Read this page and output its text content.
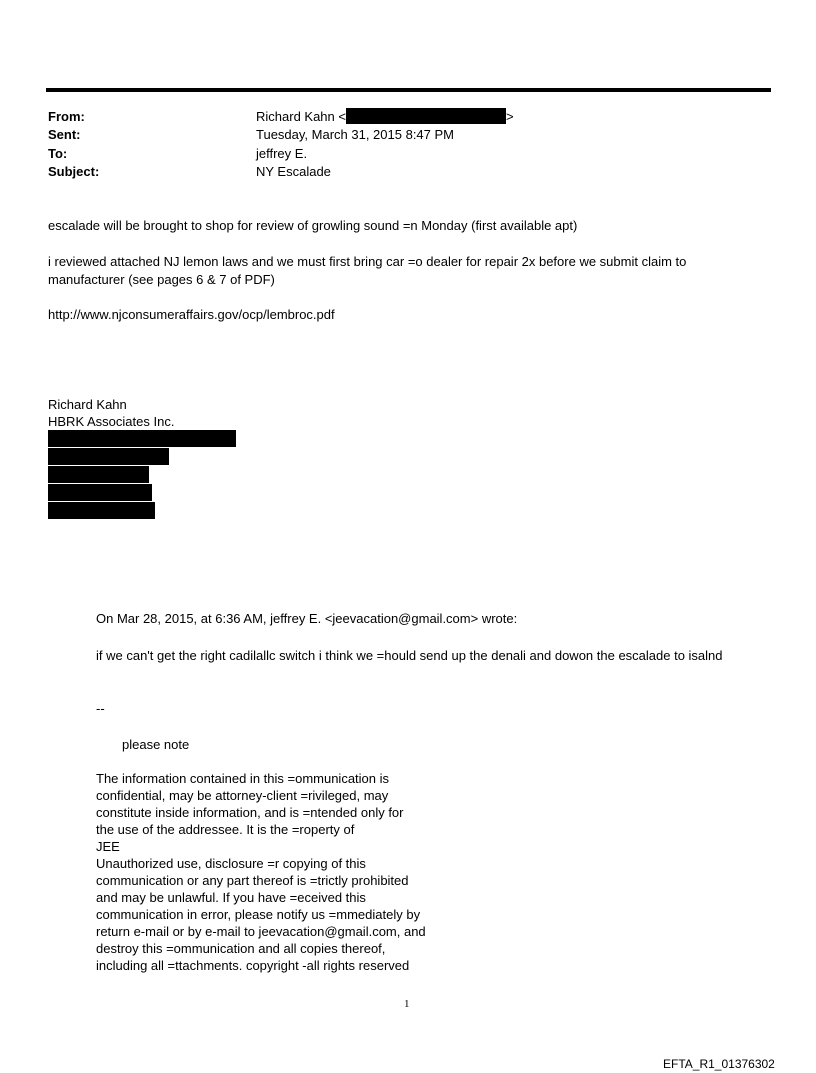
From:	Richard Kahn <	>
Sent:	Tuesday, March 31, 2015 8:47 PM
To:	jeffrey E.
Subject:	NY Escalade
escalade will be brought to shop for review of growling sound =n Monday (first available apt)
i reviewed attached NJ lemon laws and we must first bring car =o dealer for repair 2x before we submit claim to
manufacturer (see pages 6 & 7 of PDF)
http://www.njconsumeraffairs.gov/ocp/lembroc.pdf
Richard Kahn
HBRK Associates Inc.
On Mar 28, 2015, at 6:36 AM, jeffrey E. <jeevacation@gmail.com> wrote:
if we can't get the right cadilallc switch i think we =hould send up the denali and dowon the escalade to isalnd
--
please note
The information contained in this =ommunication is
confidential, may be attorney-client =rivileged, may
constitute inside information, and is =ntended only for
the use of the addressee. It is the =roperty of
JEE
Unauthorized use, disclosure =r copying of this
communication or any part thereof is =trictly prohibited
and may be unlawful. If you have =eceived this
communication in error, please notify us =mmediately by
return e-mail or by e-mail to jeevacation@gmail.com, and
destroy this =ommunication and all copies thereof,
including all =ttachments. copyright -all rights reserved
1
EFTA_R1_01376302
